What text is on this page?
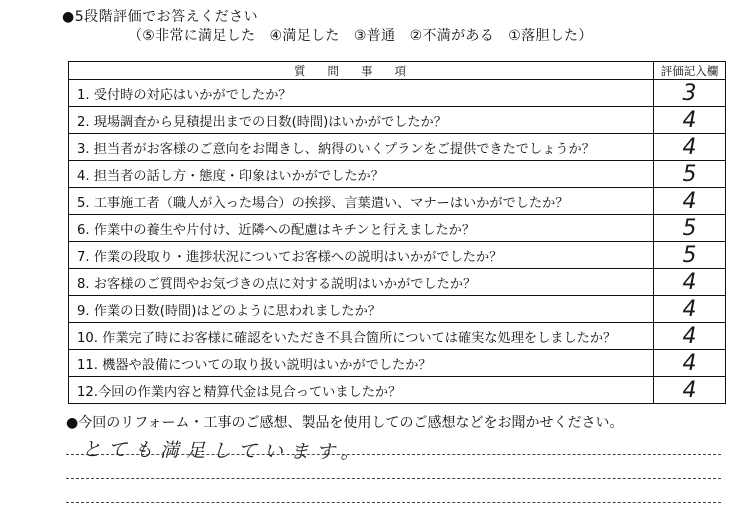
●5段階評価でお答えください
（⑤非常に満足した　④満足した　③普通　②不満がある　①落胆した）
質問事項	評価記入欄
1. 受付時の対応はいかがでしたか？	3
2. 現場調査から見積提出までの日数(時間)はいかがでしたか？	4
3. 担当者がお客様のご意向をお聞きし、納得のいくプランをご提供できたでしょうか？	4
4. 担当者の話し方・態度・印象はいかがでしたか？	5
5. 工事施工者（職人が入った場合）の挨拶、言葉遣い、マナーはいかがでしたか？	4
6. 作業中の養生や片付け、近隣への配慮はキチンと行えましたか？	5
7. 作業の段取り・進捗状況についてお客様への説明はいかがでしたか？	5
8. お客様のご質問やお気づきの点に対する説明はいかがでしたか？	4
9. 作業の日数(時間)はどのように思われましたか？	4
10. 作業完了時にお客様に確認をいただき不具合箇所については確実な処理をしましたか？	4
11. 機器や設備についての取り扱い説明はいかがでしたか？	4
12.今回の作業内容と精算代金は見合っていましたか？	4
●今回のリフォーム・工事のご感想、製品を使用してのご感想などをお聞かせください。
とても満足しています。
